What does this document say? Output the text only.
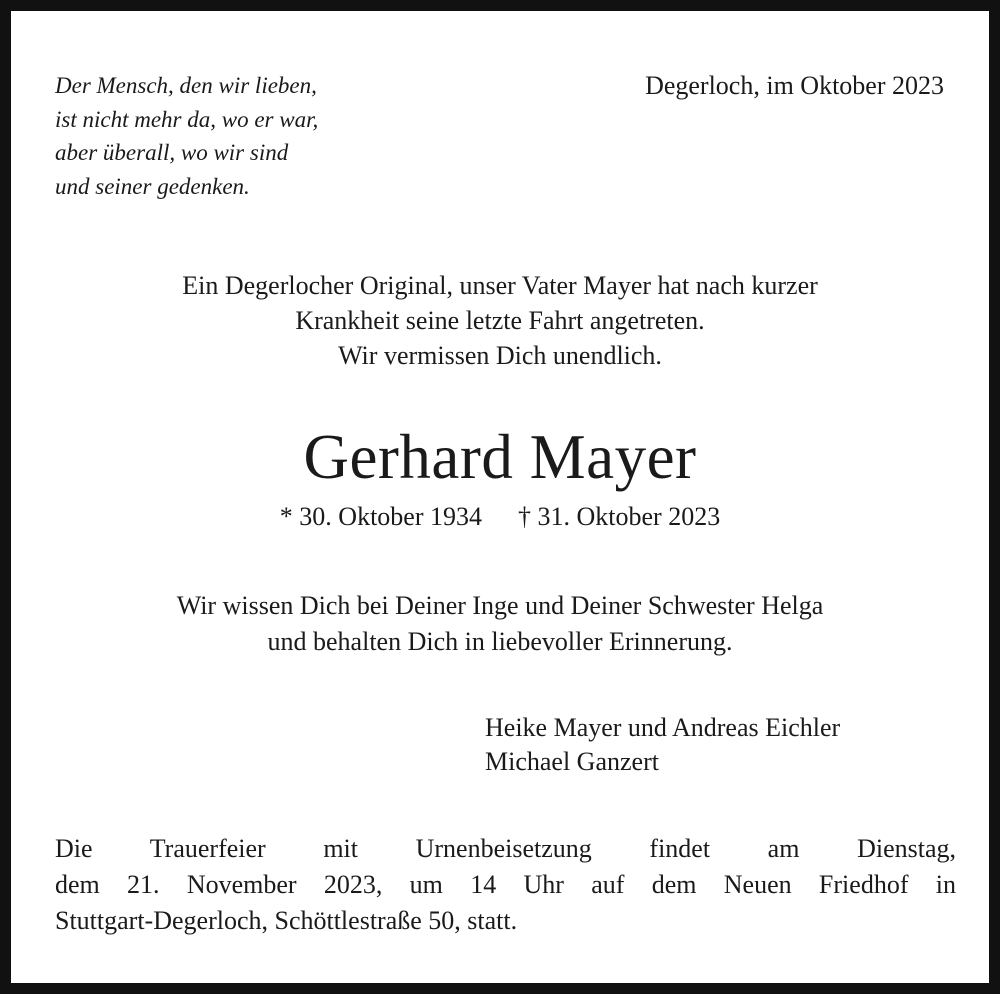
Der Mensch, den wir lieben,
ist nicht mehr da, wo er war,
aber überall, wo wir sind
und seiner gedenken.

Degerloch, im Oktober 2023

Ein Degerlocher Original, unser Vater Mayer hat nach kurzer
Krankheit seine letzte Fahrt angetreten.
Wir vermissen Dich unendlich.

Gerhard Mayer

* 30. Oktober 1934 † 31. Oktober 2023

Wir wissen Dich bei Deiner Inge und Deiner Schwester Helga
und behalten Dich in liebevoller Erinnerung.

Heike Mayer und Andreas Eichler
Michael Ganzert

Die Trauerfeier mit Urnenbeisetzung findet am Dienstag,
dem 21. November 2023, um 14 Uhr auf dem Neuen Friedhof in
Stuttgart-Degerloch, Schöttlestraße 50, statt.
